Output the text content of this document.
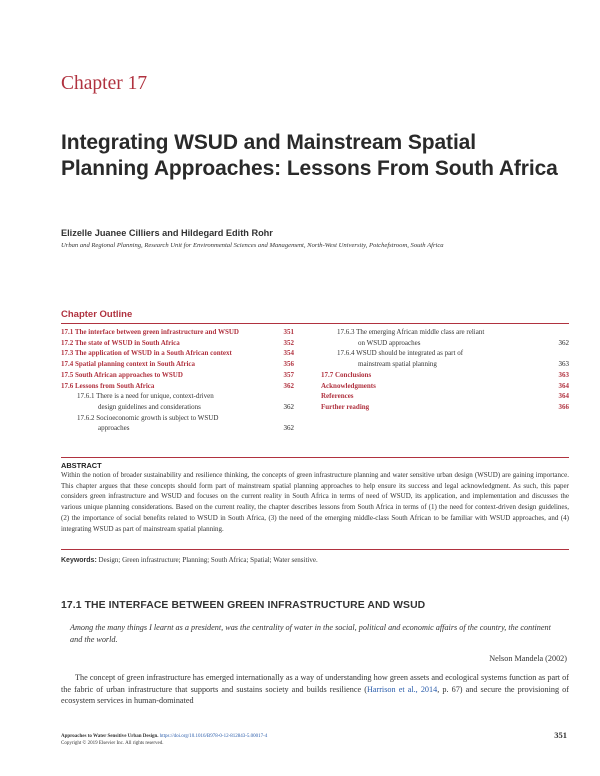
Chapter 17
Integrating WSUD and Mainstream Spatial Planning Approaches: Lessons From South Africa
Elizelle Juanee Cilliers and Hildegard Edith Rohr
Urban and Regional Planning, Research Unit for Environmental Sciences and Management, North-West University, Potchefstroom, South Africa
Chapter Outline
17.1 The interface between green infrastructure and WSUD	351
17.2 The state of WSUD in South Africa	352
17.3 The application of WSUD in a South African context	354
17.4 Spatial planning context in South Africa	356
17.5 South African approaches to WSUD	357
17.6 Lessons from South Africa	362
17.6.1 There is a need for unique, context-driven
design guidelines and considerations	362
17.6.2 Socioeconomic growth is subject to WSUD
approaches	362
17.6.3 The emerging African middle class are reliant
on WSUD approaches	362
17.6.4 WSUD should be integrated as part of
mainstream spatial planning	363
17.7 Conclusions	363
Acknowledgments	364
References	364
Further reading	366
ABSTRACT

Within the notion of broader sustainability and resilience thinking, the concepts of green infrastructure planning and water sensitive urban design (WSUD) are gaining importance. This chapter argues that these concepts should form part of mainstream spatial planning approaches to help ensure its success and legal acknowledgment. As such, this paper considers green infrastructure and WSUD and focuses on the current reality in South Africa in terms of need of WSUD, its application, and implementation and discusses the various unique planning considerations. Based on the current reality, the chapter describes lessons from South Africa in terms of (1) the need for context-driven design guidelines, (2) the importance of social benefits related to WSUD in South Africa, (3) the need of the emerging middle-class South African to be familiar with WSUD approaches, and (4) integrating WSUD as part of mainstream spatial planning.

Keywords: Design; Green infrastructure; Planning; South Africa; Spatial; Water sensitive.
17.1 THE INTERFACE BETWEEN GREEN INFRASTRUCTURE AND WSUD

Among the many things I learnt as a president, was the centrality of water in the social, political and economic affairs of the country, the continent and the world.

Nelson Mandela (2002)

The concept of green infrastructure has emerged internationally as a way of understanding how green assets and ecological systems function as part of the fabric of urban infrastructure that supports and sustains society and builds resilience (Harrison et al., 2014, p. 67) and secure the provisioning of ecosystem services in human-dominated

Approaches to Water Sensitive Urban Design. https://doi.org/10.1016/B978-0-12-812843-5.00017-4
Copyright © 2019 Elsevier Inc. All rights reserved.
351
